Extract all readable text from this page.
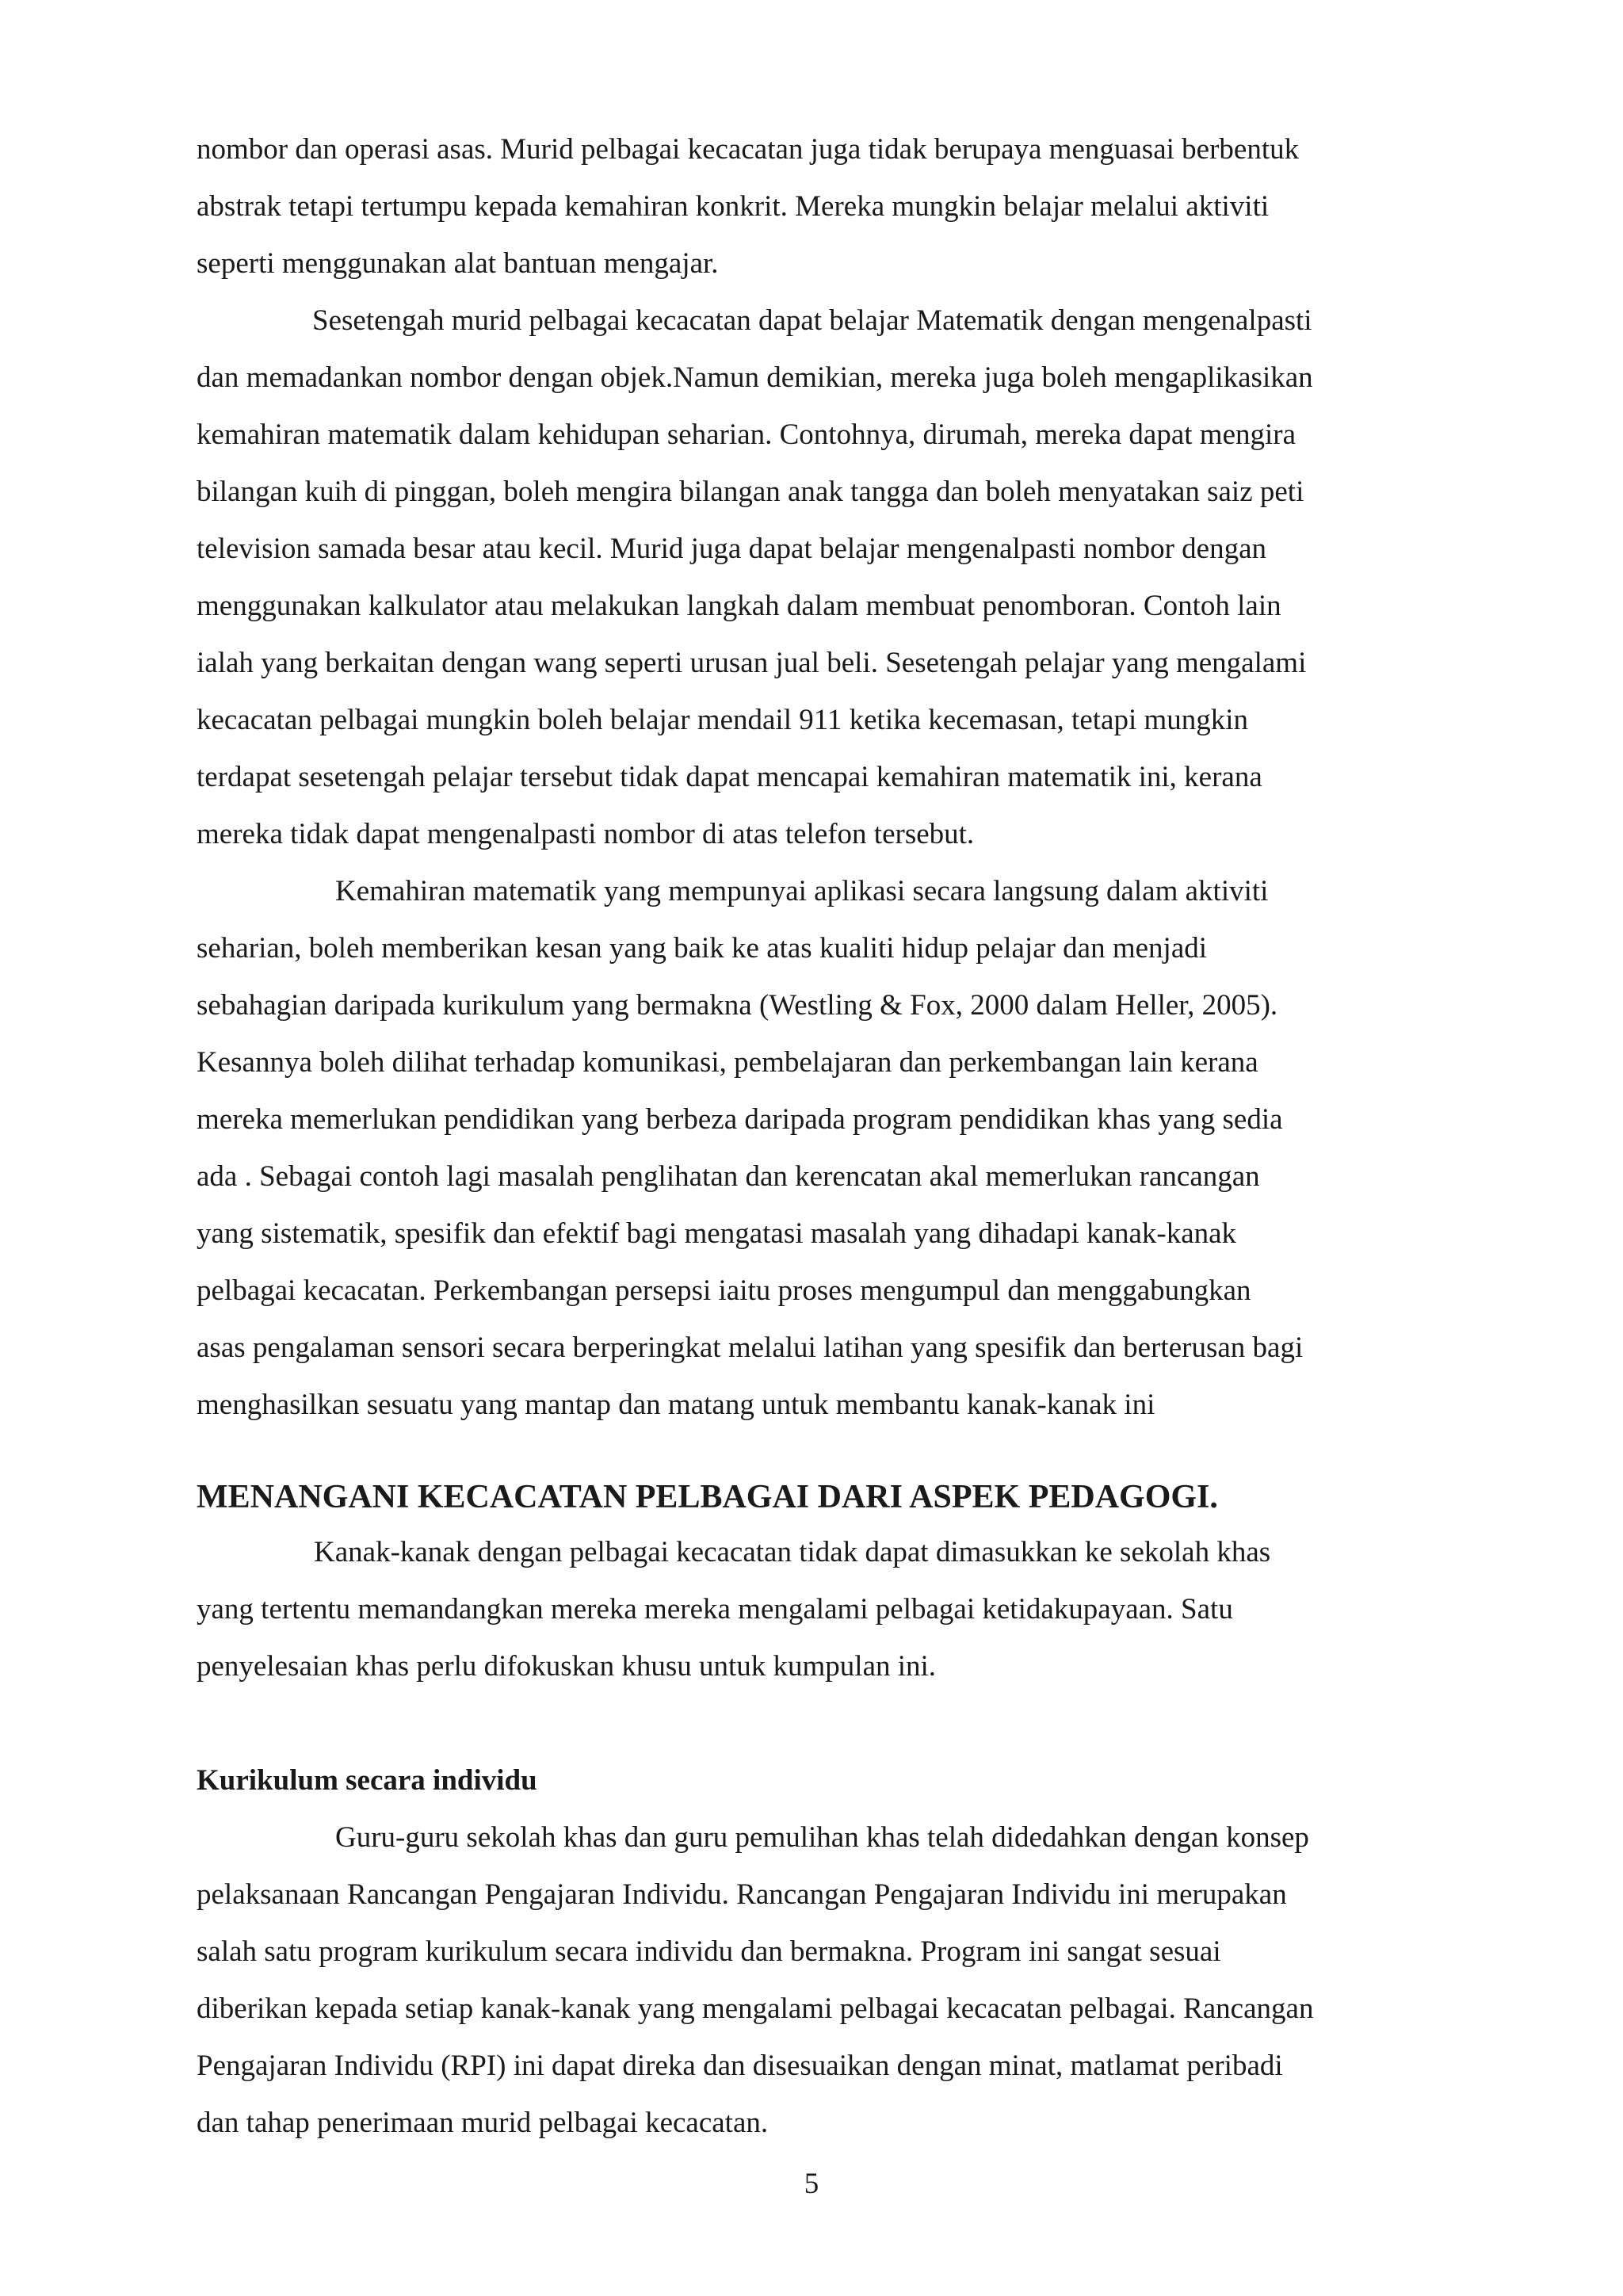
nombor dan operasi asas. Murid pelbagai kecacatan juga tidak berupaya menguasai berbentuk
abstrak tetapi tertumpu kepada kemahiran konkrit. Mereka mungkin belajar melalui aktiviti
seperti menggunakan alat bantuan mengajar.
Sesetengah murid pelbagai kecacatan dapat belajar Matematik dengan mengenalpasti
dan memadankan nombor dengan objek.Namun demikian, mereka juga boleh mengaplikasikan
kemahiran matematik dalam kehidupan seharian. Contohnya, dirumah, mereka dapat mengira
bilangan kuih di pinggan, boleh mengira bilangan anak tangga dan boleh menyatakan saiz peti
television samada besar atau kecil. Murid juga dapat belajar mengenalpasti nombor dengan
menggunakan kalkulator atau melakukan langkah dalam membuat penomboran. Contoh lain
ialah yang berkaitan dengan wang seperti urusan jual beli. Sesetengah pelajar yang mengalami
kecacatan pelbagai mungkin boleh belajar mendail 911 ketika kecemasan, tetapi mungkin
terdapat sesetengah pelajar tersebut tidak dapat mencapai kemahiran matematik ini, kerana
mereka tidak dapat mengenalpasti nombor di atas telefon tersebut.
Kemahiran matematik yang mempunyai aplikasi secara langsung dalam aktiviti
seharian, boleh memberikan kesan yang baik ke atas kualiti hidup pelajar dan menjadi
sebahagian daripada kurikulum yang bermakna (Westling & Fox, 2000 dalam Heller, 2005).
Kesannya boleh dilihat terhadap komunikasi, pembelajaran dan perkembangan lain kerana
mereka memerlukan pendidikan yang berbeza daripada program pendidikan khas yang sedia
ada . Sebagai contoh lagi masalah penglihatan dan kerencatan akal memerlukan rancangan
yang sistematik, spesifik dan efektif bagi mengatasi masalah yang dihadapi kanak-kanak
pelbagai kecacatan. Perkembangan persepsi iaitu proses mengumpul dan menggabungkan
asas pengalaman sensori secara berperingkat melalui latihan yang spesifik dan berterusan bagi
menghasilkan sesuatu yang mantap dan matang untuk membantu kanak-kanak ini
MENANGANI KECACATAN PELBAGAI DARI ASPEK PEDAGOGI.
Kanak-kanak dengan pelbagai kecacatan tidak dapat dimasukkan ke sekolah khas
yang tertentu memandangkan mereka mereka mengalami pelbagai ketidakupayaan. Satu
penyelesaian khas perlu difokuskan khusu untuk kumpulan ini.
Kurikulum secara individu
Guru-guru sekolah khas dan guru pemulihan khas telah didedahkan dengan konsep
pelaksanaan Rancangan Pengajaran Individu. Rancangan Pengajaran Individu ini merupakan
salah satu program kurikulum secara individu dan bermakna. Program ini sangat sesuai
diberikan kepada setiap kanak-kanak yang mengalami pelbagai kecacatan pelbagai. Rancangan
Pengajaran Individu (RPI) ini dapat direka dan disesuaikan dengan minat, matlamat peribadi
dan tahap penerimaan murid pelbagai kecacatan.
5
